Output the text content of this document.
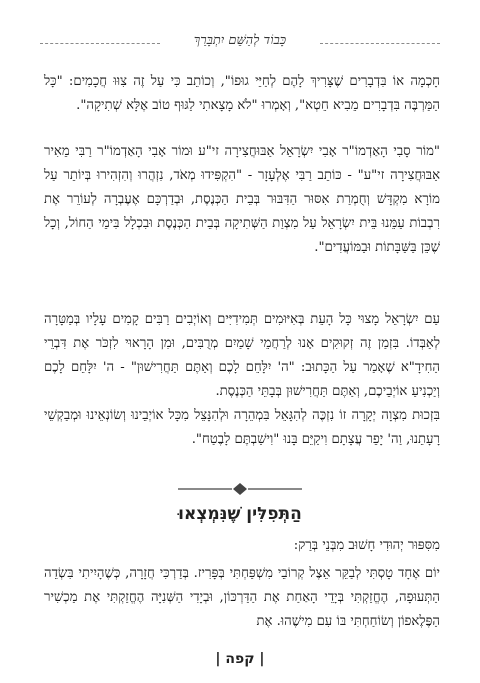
כָּבוֹד לְהַשֵּׁם יִתְבָּרַךְ

חָכְמָה אוֹ בִּדְבָרִים שֶׁצָּרִיךְ לָהֶם לְחַיֵּי גוּפוֹ", וְכוֹתֵב כִּי עַל זֶה צִוּוּ חֲכָמִים: "כָּל הַמַּרְבֶּה בִּדְבָרִים מֵבִיא חֵטְא", וְאָמְרוּ "לֹא מָצָאתִי לַגּוּף טוֹב אֶלָּא שְׁתִיקָה".

"מוֹר סָבִי הָאַדְמוֹ"ר אָבִי יִשְׂרָאֵל אַבּוּחֲצִירָה זי"ע וּמוֹר אָבִי הָאַדְמוֹ"ר רַבִּי מֵאִיר אַבּוּחֲצִירָה זי"ע" - כּוֹתֵב רַבִּי אֶלְעָזָר - "הִקְפִּידוּ מְאֹד, נִזְהֲרוּ וְהִזְהִירוּ בְּיוֹתֵר עַל מוֹרָא מִקְדָּשׁ וְחֻמְרַת אִסּוּר הַדִּבּוּר בְּבֵית הַכְּנֶסֶת, וּבְדַרְכָּם אֶעֶבְרָה לְעוֹרֵר אֶת רִבְבוֹת עַמֵּנוּ בֵּית יִשְׂרָאֵל עַל מִצְוַת הַשְּׁתִיקָה בְּבֵית הַכְּנֶסֶת וּבִכְלָל בִּימֵי הַחוֹל, וְכָל שֶׁכֵּן בַּשַּׁבָּתוֹת וּבַמּוֹעֲדִים".

עַם יִשְׂרָאֵל מָצוּי כָּל הָעֵת בְּאִיּוּמִים תְּמִידִיִּים וְאוֹיְבִים רַבִּים קָמִים עָלָיו בְּמַטָּרָה לְאַבְּדוֹ. בִּזְמַן זֶה זְקוּקִים אָנוּ לְרַחֲמֵי שָׁמַיִם מְרֻבִּים, וּמִן הָרָאוּי לִזְכֹּר אֶת דִּבְרֵי הַחִידָ"א שֶׁאָמַר עַל הַכָּתוּב: "ה' יִלָּחֵם לָכֶם וְאַתֶּם תַּחֲרִישׁוּן" - ה' יִלָּחֵם לָכֶם וְיַכְנִיעַ אוֹיְבֵיכֶם, וְאַתֶּם תַּחֲרִישׁוּן בְּבָתֵּי הַכְּנֶסֶת.

בִּזְכוּת מִצְוָה יְקָרָה זוֹ נִזְכֶּה לְהִגָּאֵל בִּמְהֵרָה וּלְהִנָּצֵל מִכָּל אוֹיְבֵינוּ וְשׂוֹנְאֵינוּ וּמְבַקְשֵׁי רָעָתֵנוּ, וַה' יָפֵר עֲצָתָם וִיקַיֵּם בָּנוּ "וִישַׁבְתֶּם לָבֶטַח".

הַתְּפִלִּין שֶׁנִּמְצְאוּ
מִסִּפּוּר יְהוּדִי חָשׁוּב מִבְּנֵי בְּרַק:

יוֹם אֶחָד טָסְתִּי לְבַקֵּר אֵצֶל קְרוֹבֵי מִשְׁפַּחְתִּי בְּפָּרִיז. בְּדַרְכִּי חֲזָרָה, כְּשֶׁהָיִיתִי בִּשְׂדֵה הַתְּעוּפָה, הֶחֱזַקְתִּי בְּיָדֵי הָאַחַת אֶת הַדַּרְכּוֹן, וּבְיָדִי הַשְּׁנִיָּה הֶחֱזַקְתִּי אֶת מַכְשִׁיר הַפֶּלֶאפוֹן וְשׂוֹחַחְתִּי בּוֹ עִם מִישֶׁהוּ. אֶת

| קפה |
